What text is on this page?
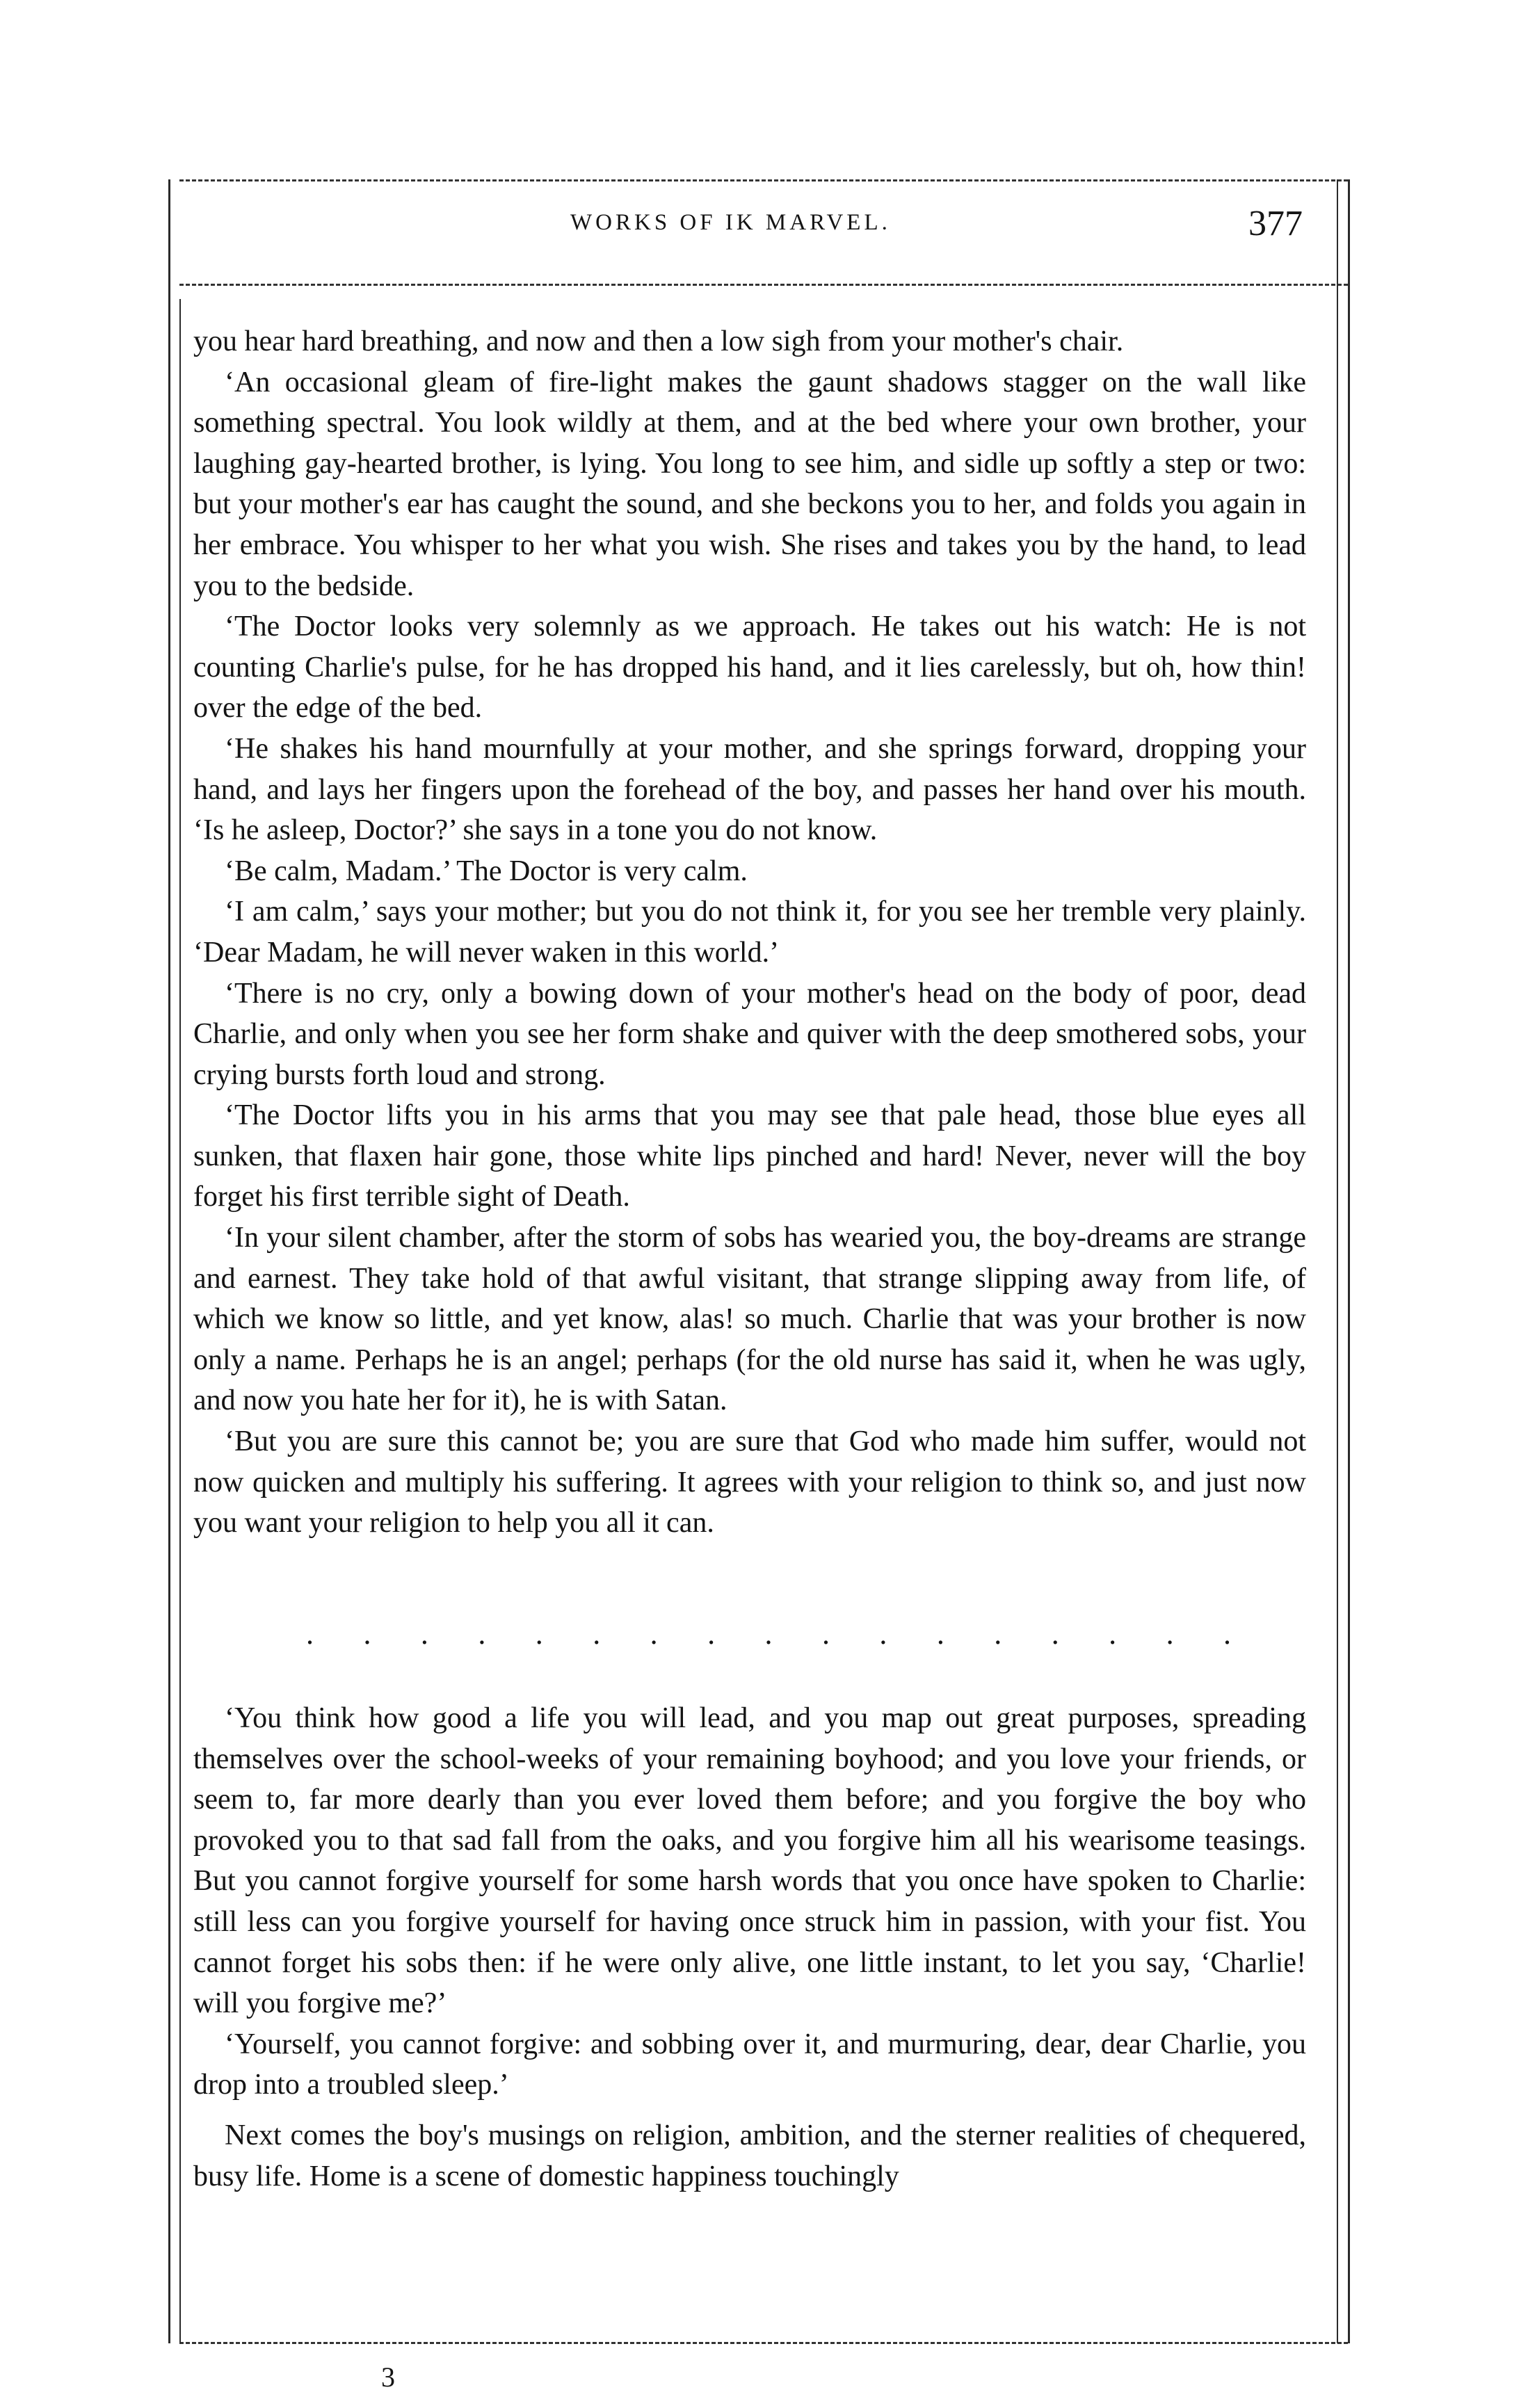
WORKS OF IK MARVEL.	377

you hear hard breathing, and now and then a low sigh from your mother's chair.

‘An occasional gleam of fire-light makes the gaunt shadows stagger on the wall like something spectral. You look wildly at them, and at the bed where your own brother, your laughing gay-hearted brother, is lying. You long to see him, and sidle up softly a step or two: but your mother's ear has caught the sound, and she beckons you to her, and folds you again in her embrace. You whisper to her what you wish. She rises and takes you by the hand, to lead you to the bedside.

‘The Doctor looks very solemnly as we approach. He takes out his watch: He is not counting Charlie's pulse, for he has dropped his hand, and it lies carelessly, but oh, how thin! over the edge of the bed.

‘He shakes his hand mournfully at your mother, and she springs forward, dropping your hand, and lays her fingers upon the forehead of the boy, and passes her hand over his mouth. ‘Is he asleep, Doctor?’ she says in a tone you do not know.

‘Be calm, Madam.’ The Doctor is very calm.

‘I am calm,’ says your mother; but you do not think it, for you see her tremble very plainly. ‘Dear Madam, he will never waken in this world.’

‘There is no cry, only a bowing down of your mother's head on the body of poor, dead Charlie, and only when you see her form shake and quiver with the deep smothered sobs, your crying bursts forth loud and strong.

‘The Doctor lifts you in his arms that you may see that pale head, those blue eyes all sunken, that flaxen hair gone, those white lips pinched and hard! Never, never will the boy forget his first terrible sight of Death.

‘In your silent chamber, after the storm of sobs has wearied you, the boy-dreams are strange and earnest. They take hold of that awful visitant, that strange slipping away from life, of which we know so little, and yet know, alas! so much. Charlie that was your brother is now only a name. Perhaps he is an angel; perhaps (for the old nurse has said it, when he was ugly, and now you hate her for it), he is with Satan.

‘But you are sure this cannot be; you are sure that God who made him suffer, would not now quicken and multiply his suffering. It agrees with your religion to think so, and just now you want your religion to help you all it can.

. . . . . . . . . . . . . . . . .

‘You think how good a life you will lead, and you map out great purposes, spreading themselves over the school-weeks of your remaining boyhood; and you love your friends, or seem to, far more dearly than you ever loved them before; and you forgive the boy who provoked you to that sad fall from the oaks, and you forgive him all his wearisome teasings. But you cannot forgive yourself for some harsh words that you once have spoken to Charlie: still less can you forgive yourself for having once struck him in passion, with your fist. You cannot forget his sobs then: if he were only alive, one little instant, to let you say, ‘Charlie! will you forgive me?’

‘Yourself, you cannot forgive: and sobbing over it, and murmuring, dear, dear Charlie, you drop into a troubled sleep.’

Next comes the boy's musings on religion, ambition, and the sterner realities of chequered, busy life. Home is a scene of domestic happiness touchingly

3
